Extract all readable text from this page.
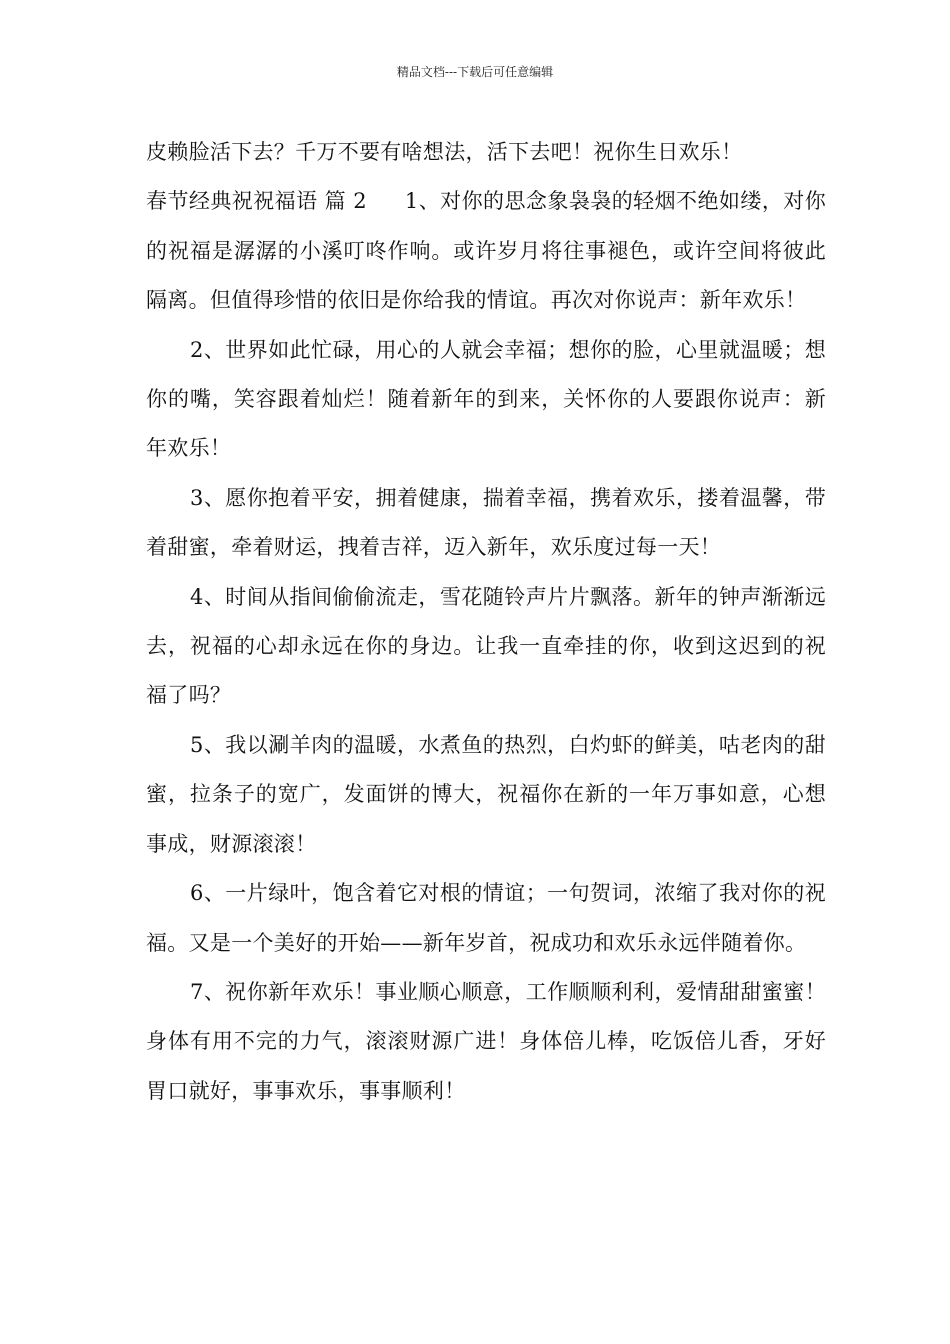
精品文档---下载后可任意编辑

皮赖脸活下去？千万不要有啥想法，活下去吧！祝你生日欢乐！

春节经典祝祝福语 篇 2 1、对你的思念象袅袅的轻烟不绝如缕，对你的祝福是潺潺的小溪叮咚作响。或许岁月将往事褪色，或许空间将彼此隔离。但值得珍惜的依旧是你给我的情谊。再次对你说声：新年欢乐！

2、世界如此忙碌，用心的人就会幸福；想你的脸，心里就温暖；想你的嘴，笑容跟着灿烂！随着新年的到来，关怀你的人要跟你说声：新年欢乐！

3、愿你抱着平安，拥着健康，揣着幸福，携着欢乐，搂着温馨，带着甜蜜，牵着财运，拽着吉祥，迈入新年，欢乐度过每一天！

4、时间从指间偷偷流走，雪花随铃声片片飘落。新年的钟声渐渐远去，祝福的心却永远在你的身边。让我一直牵挂的你，收到这迟到的祝福了吗？

5、我以涮羊肉的温暖，水煮鱼的热烈，白灼虾的鲜美，咕老肉的甜蜜，拉条子的宽广，发面饼的博大，祝福你在新的一年万事如意，心想事成，财源滚滚！

6、一片绿叶，饱含着它对根的情谊；一句贺词，浓缩了我对你的祝福。又是一个美好的开始——新年岁首，祝成功和欢乐永远伴随着你。

7、祝你新年欢乐！事业顺心顺意，工作顺顺利利，爱情甜甜蜜蜜！身体有用不完的力气，滚滚财源广进！身体倍儿棒，吃饭倍儿香，牙好胃口就好，事事欢乐，事事顺利！
